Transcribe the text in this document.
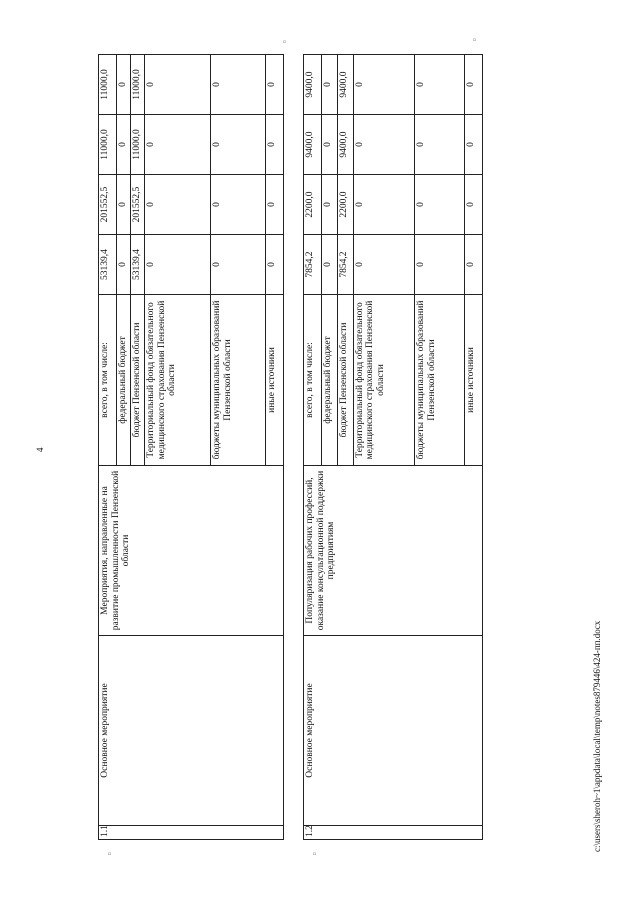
4
¤
¤
¤
¤
1.1.	Основное мероприятие	Мероприятия, направленные на развитие промышленности Пензенской области	всего, в том числе:	53139,4	201552,5	11000,0	11000,0
			федеральный бюджет	0	0	0	0
			бюджет Пензенской области	53139,4	201552,5	11000,0	11000,0
			Территориальный фонд обязательного медицинского страхования Пензенской области	0	0	0	0
			бюджеты муниципальных образований Пензенской области	0	0	0	0
			иные источники	0	0	0	0
1.2.	Основное мероприятие	Популяризация рабочих профессий, оказание консультационной поддержки предприятиям	всего, в том числе:	7854,2	2200,0	9400,0	9400,0
			федеральный бюджет	0	0	0	0
			бюджет Пензенской области	7854,2	2200,0	9400,0	9400,0
			Территориальный фонд обязательного медицинского страхования Пензенской области	0	0	0	0
			бюджеты муниципальных образований Пензенской области	0	0	0	0
			иные источники	0	0	0	0
c:\users\sheroh~1\appdata\local\temp\notes879446\424-пп.docx
